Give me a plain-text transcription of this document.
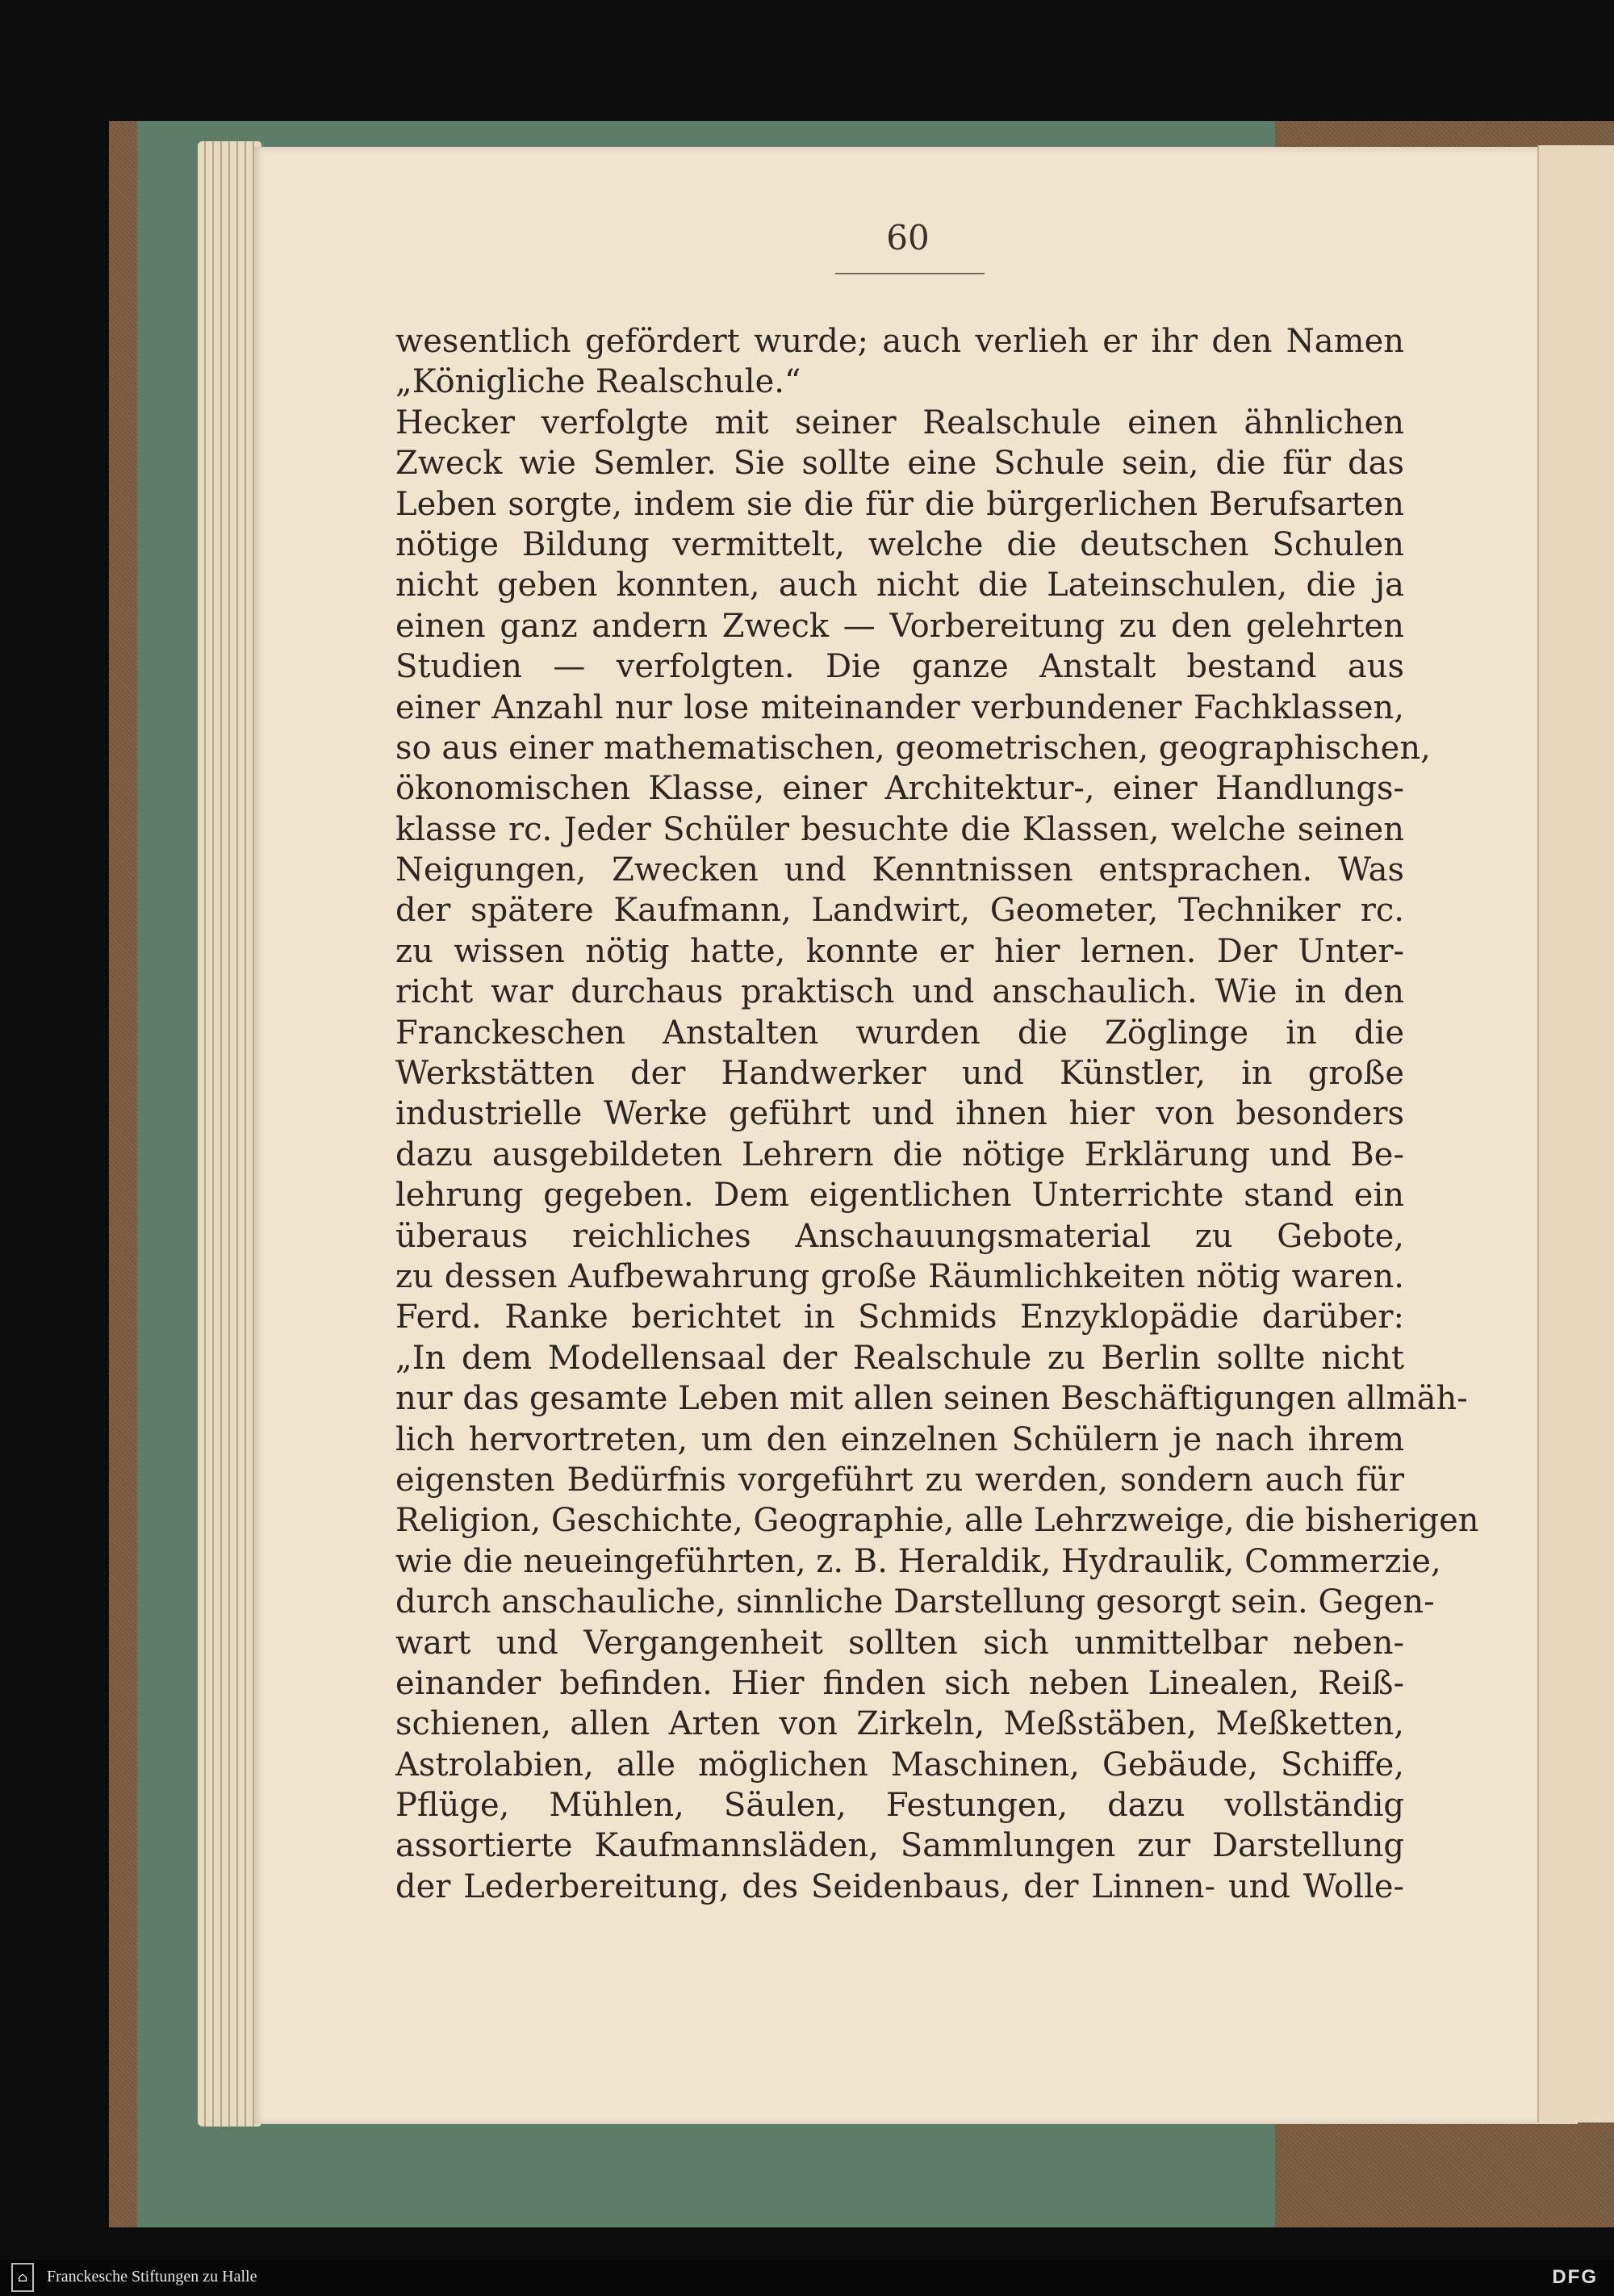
60
wesentlich gefördert wurde; auch verlieh er ihr den Namen
„Königliche Realschule.“
Hecker verfolgte mit seiner Realschule einen ähnlichen
Zweck wie Semler. Sie sollte eine Schule sein, die für das
Leben sorgte, indem sie die für die bürgerlichen Berufsarten
nötige Bildung vermittelt, welche die deutschen Schulen
nicht geben konnten, auch nicht die Lateinschulen, die ja
einen ganz andern Zweck — Vorbereitung zu den gelehrten
Studien — verfolgten. Die ganze Anstalt bestand aus
einer Anzahl nur lose miteinander verbundener Fachklassen,
so aus einer mathematischen, geometrischen, geographischen,
ökonomischen Klasse, einer Architektur-, einer Handlungs-
klasse rc. Jeder Schüler besuchte die Klassen, welche seinen
Neigungen, Zwecken und Kenntnissen entsprachen. Was
der spätere Kaufmann, Landwirt, Geometer, Techniker rc.
zu wissen nötig hatte, konnte er hier lernen. Der Unter-
richt war durchaus praktisch und anschaulich. Wie in den
Franckeschen Anstalten wurden die Zöglinge in die
Werkstätten der Handwerker und Künstler, in große
industrielle Werke geführt und ihnen hier von besonders
dazu ausgebildeten Lehrern die nötige Erklärung und Be-
lehrung gegeben. Dem eigentlichen Unterrichte stand ein
überaus reichliches Anschauungsmaterial zu Gebote,
zu dessen Aufbewahrung große Räumlichkeiten nötig waren.
Ferd. Ranke berichtet in Schmids Enzyklopädie darüber:
„In dem Modellensaal der Realschule zu Berlin sollte nicht
nur das gesamte Leben mit allen seinen Beschäftigungen allmäh-
lich hervortreten, um den einzelnen Schülern je nach ihrem
eigensten Bedürfnis vorgeführt zu werden, sondern auch für
Religion, Geschichte, Geographie, alle Lehrzweige, die bisherigen
wie die neueingeführten, z. B. Heraldik, Hydraulik, Commerzie,
durch anschauliche, sinnliche Darstellung gesorgt sein. Gegen-
wart und Vergangenheit sollten sich unmittelbar neben-
einander befinden. Hier finden sich neben Linealen, Reiß-
schienen, allen Arten von Zirkeln, Meßstäben, Meßketten,
Astrolabien, alle möglichen Maschinen, Gebäude, Schiffe,
Pflüge, Mühlen, Säulen, Festungen, dazu vollständig
assortierte Kaufmannsläden, Sammlungen zur Darstellung
der Lederbereitung, des Seidenbaus, der Linnen- und Wolle-
⌂	Franckesche Stiftungen zu Halle	DFG
